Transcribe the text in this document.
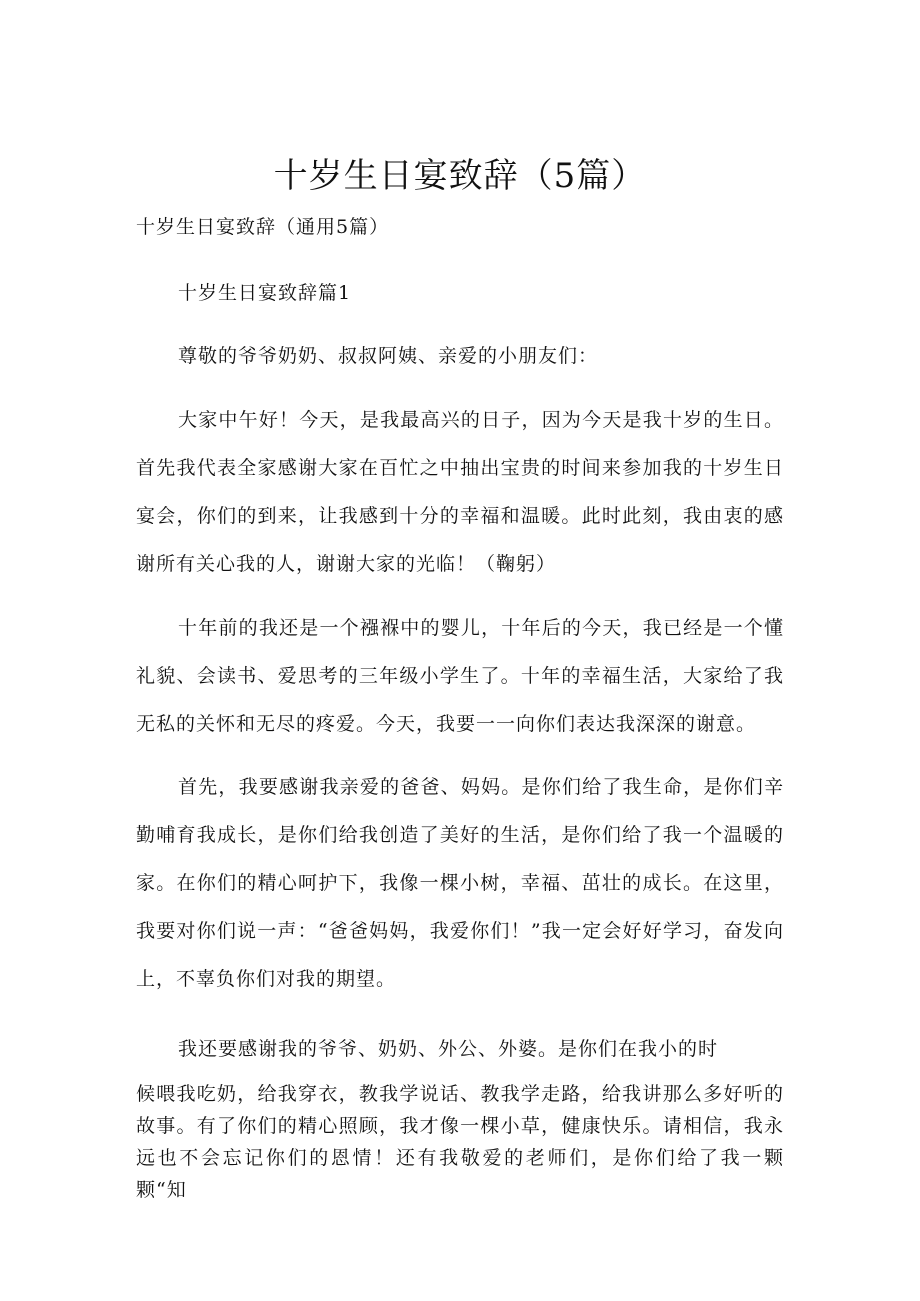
十岁生日宴致辞（5篇）

十岁生日宴致辞（通用5篇）

十岁生日宴致辞篇1

尊敬的爷爷奶奶、叔叔阿姨、亲爱的小朋友们：

大家中午好！今天，是我最高兴的日子，因为今天是我十岁的生日。首先我代表全家感谢大家在百忙之中抽出宝贵的时间来参加我的十岁生日宴会，你们的到来，让我感到十分的幸福和温暖。此时此刻，我由衷的感谢所有关心我的人，谢谢大家的光临！（鞠躬）

十年前的我还是一个襁褓中的婴儿，十年后的今天，我已经是一个懂礼貌、会读书、爱思考的三年级小学生了。十年的幸福生活，大家给了我无私的关怀和无尽的疼爱。今天，我要一一向你们表达我深深的谢意。

首先，我要感谢我亲爱的爸爸、妈妈。是你们给了我生命，是你们辛勤哺育我成长，是你们给我创造了美好的生活，是你们给了我一个温暖的家。在你们的精心呵护下，我像一棵小树，幸福、茁壮的成长。在这里，我要对你们说一声：“爸爸妈妈，我爱你们！”我一定会好好学习，奋发向上，不辜负你们对我的期望。

我还要感谢我的爷爷、奶奶、外公、外婆。是你们在我小的时

候喂我吃奶，给我穿衣，教我学说话、教我学走路，给我讲那么多好听的故事。有了你们的精心照顾，我才像一棵小草，健康快乐。请相信，我永远也不会忘记你们的恩情！还有我敬爱的老师们，是你们给了我一颗颗“知
